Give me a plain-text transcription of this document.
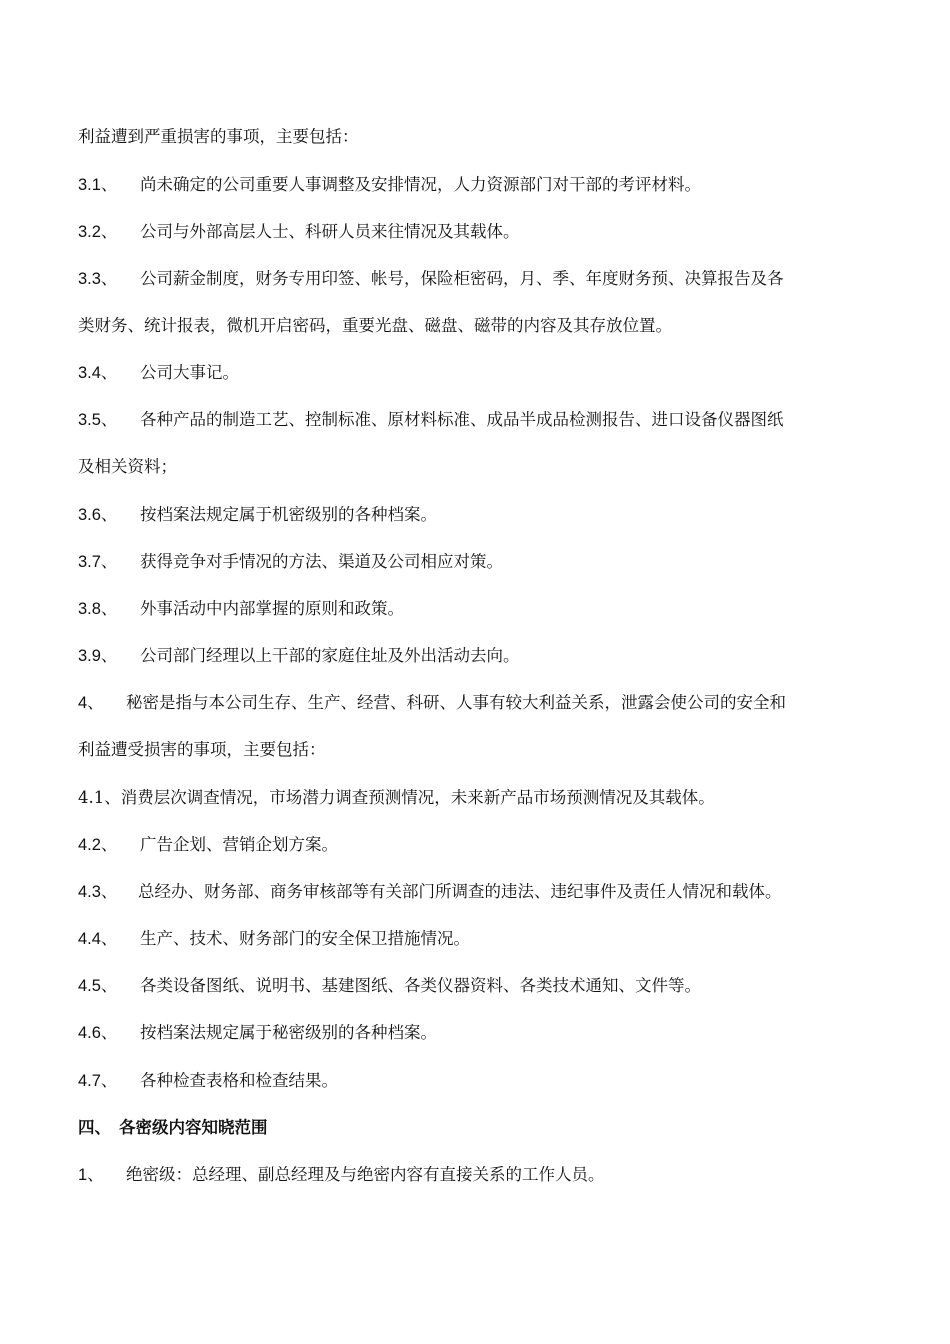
利益遭到严重损害的事项，主要包括：
3.1、 尚未确定的公司重要人事调整及安排情况，人力资源部门对干部的考评材料。
3.2、 公司与外部高层人士、科研人员来往情况及其载体。
3.3、 公司薪金制度，财务专用印签、帐号，保险柜密码，月、季、年度财务预、决算报告及各
类财务、统计报表，微机开启密码，重要光盘、磁盘、磁带的内容及其存放位置。
3.4、 公司大事记。
3.5、 各种产品的制造工艺、控制标准、原材料标准、成品半成品检测报告、进口设备仪器图纸
及相关资料；
3.6、 按档案法规定属于机密级别的各种档案。
3.7、 获得竞争对手情况的方法、渠道及公司相应对策。
3.8、 外事活动中内部掌握的原则和政策。
3.9、 公司部门经理以上干部的家庭住址及外出活动去向。
4、 秘密是指与本公司生存、生产、经营、科研、人事有较大利益关系，泄露会使公司的安全和
利益遭受损害的事项，主要包括：
4.1、消费层次调查情况，市场潜力调查预测情况，未来新产品市场预测情况及其载体。
4.2、 广告企划、营销企划方案。
4.3、 总经办、财务部、商务审核部等有关部门所调查的违法、违纪事件及责任人情况和载体。
4.4、 生产、技术、财务部门的安全保卫措施情况。
4.5、 各类设备图纸、说明书、基建图纸、各类仪器资料、各类技术通知、文件等。
4.6、 按档案法规定属于秘密级别的各种档案。
4.7、 各种检查表格和检查结果。
四、 各密级内容知晓范围
1、 绝密级：总经理、副总经理及与绝密内容有直接关系的工作人员。
